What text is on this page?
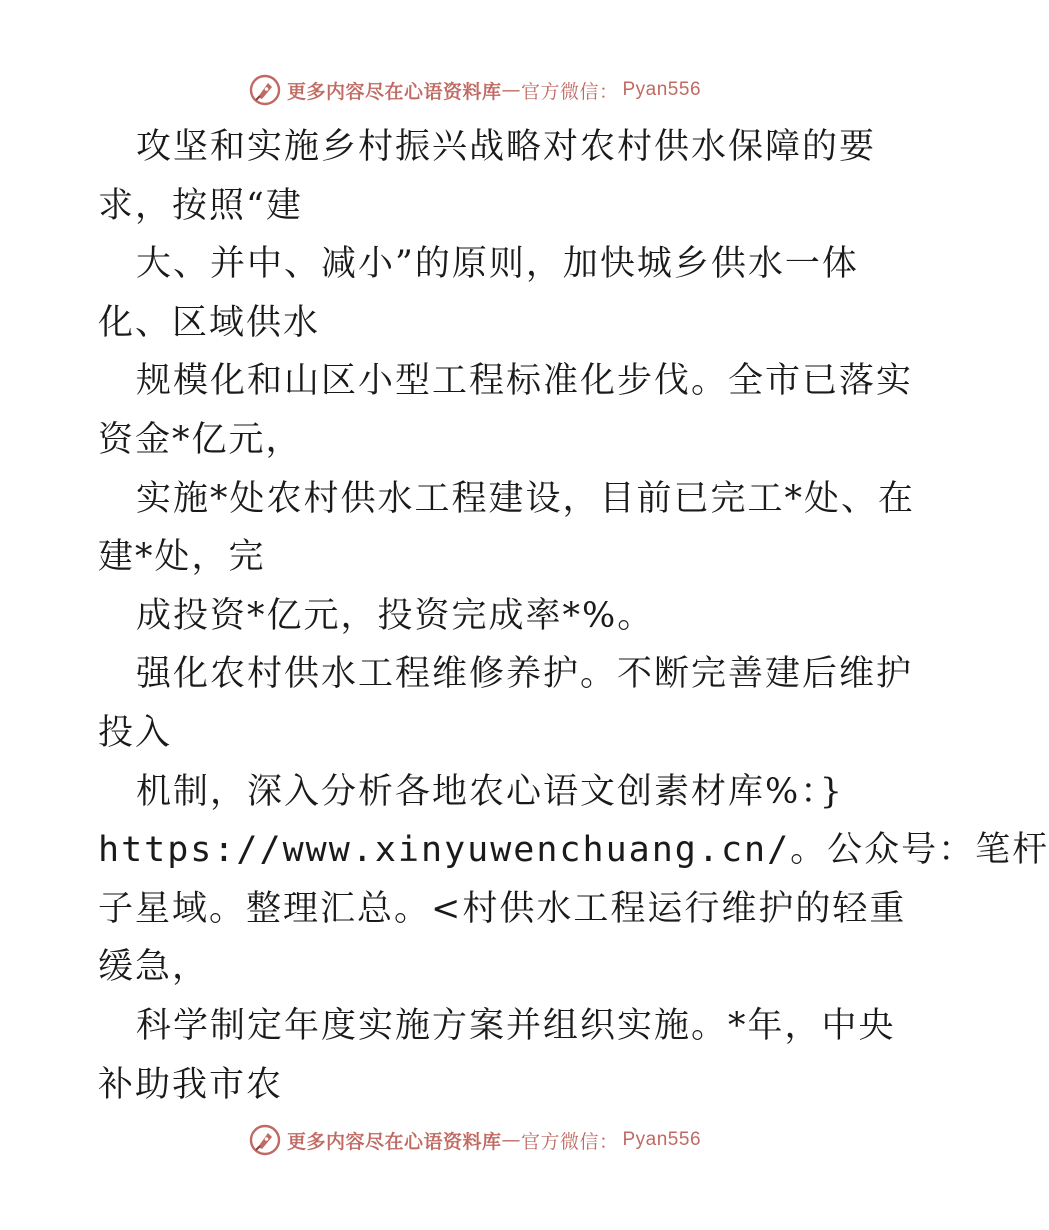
更多内容尽在心语资料库 — 官方微信： Pyan556
攻坚和实施乡村振兴战略对农村供水保障的要
求，按照“建
大、并中、减小”的原则，加快城乡供水一体
化、区域供水
规模化和山区小型工程标准化步伐。全市已落实
资金*亿元，
实施*处农村供水工程建设，目前已完工*处、在
建*处，完
成投资*亿元，投资完成率*%。
强化农村供水工程维修养护。不断完善建后维护
投入
机制，深入分析各地农心语文创素材库%：}
https://www.xinyuwenchuang.cn/。公众号：笔杆
子星域。整理汇总。<村供水工程运行维护的轻重
缓急，
科学制定年度实施方案并组织实施。*年，中央
补助我市农
更多内容尽在心语资料库 — 官方微信： Pyan556
